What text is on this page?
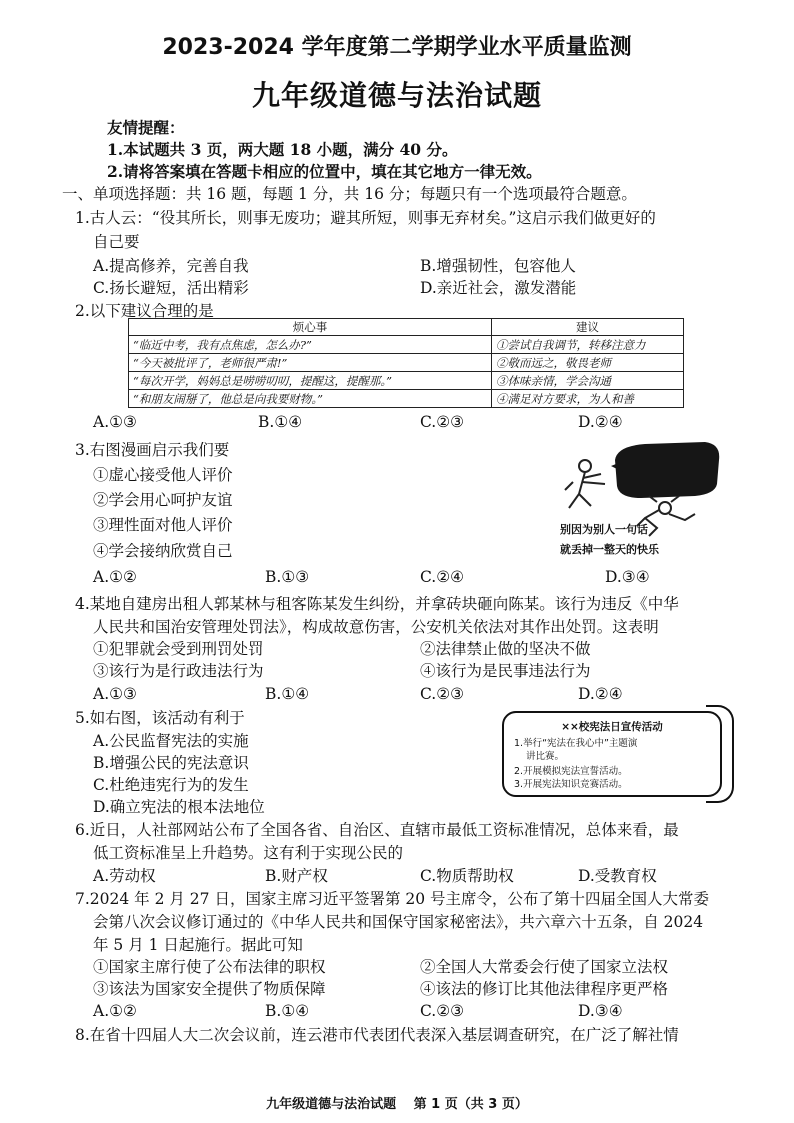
2023-2024 学年度第二学期学业水平质量监测
九年级道德与法治试题
友情提醒：
1.本试题共 3 页，两大题 18 小题，满分 40 分。
2.请将答案填在答题卡相应的位置中，填在其它地方一律无效。
一、单项选择题：共 16 题，每题 1 分，共 16 分；每题只有一个选项最符合题意。
1.古人云：“役其所长，则事无废功；避其所短，则事无弃材矣。”这启示我们做更好的
自己要
A.提高修养，完善自我	B.增强韧性，包容他人
C.扬长避短，活出精彩	D.亲近社会，激发潜能
2.以下建议合理的是
烦心事	建议
“临近中考，我有点焦虑，怎么办?”	①尝试自我调节，转移注意力
“今天被批评了，老师很严肃!”	②敬而远之，敬畏老师
“每次开学，妈妈总是唠唠叨叨，提醒这，提醒那。”	③体味亲情，学会沟通
“和朋友闹掰了，他总是向我要财物。”	④满足对方要求，为人和善
A.①③	B.①④	C.②③	D.②④
3.右图漫画启示我们要
①虚心接受他人评价
②学会用心呵护友谊
③理性面对他人评价
④学会接纳欣赏自己
别因为别人一句话
就丢掉一整天的快乐
A.①②	B.①③	C.②④	D.③④
4.某地自建房出租人郭某林与租客陈某发生纠纷，并拿砖块砸向陈某。该行为违反《中华
人民共和国治安管理处罚法》，构成故意伤害，公安机关依法对其作出处罚。这表明
①犯罪就会受到刑罚处罚	②法律禁止做的坚决不做
③该行为是行政违法行为	④该行为是民事违法行为
A.①③	B.①④	C.②③	D.②④
5.如右图，该活动有利于
A.公民监督宪法的实施
B.增强公民的宪法意识
C.杜绝违宪行为的发生
D.确立宪法的根本法地位
××校宪法日宣传活动
1.举行“宪法在我心中”主题演
讲比赛。
2.开展模拟宪法宣誓活动。
3.开展宪法知识竞赛活动。
6.近日，人社部网站公布了全国各省、自治区、直辖市最低工资标准情况，总体来看，最
低工资标准呈上升趋势。这有利于实现公民的
A.劳动权	B.财产权	C.物质帮助权	D.受教育权
7.2024 年 2 月 27 日，国家主席习近平签署第 20 号主席令，公布了第十四届全国人大常委
会第八次会议修订通过的《中华人民共和国保守国家秘密法》，共六章六十五条，自 2024
年 5 月 1 日起施行。据此可知
①国家主席行使了公布法律的职权	②全国人大常委会行使了国家立法权
③该法为国家安全提供了物质保障	④该法的修订比其他法律程序更严格
A.①②	B.①④	C.②③	D.③④
8.在省十四届人大二次会议前，连云港市代表团代表深入基层调查研究，在广泛了解社情
九年级道德与法治试题　 第 1 页（共 3 页）
